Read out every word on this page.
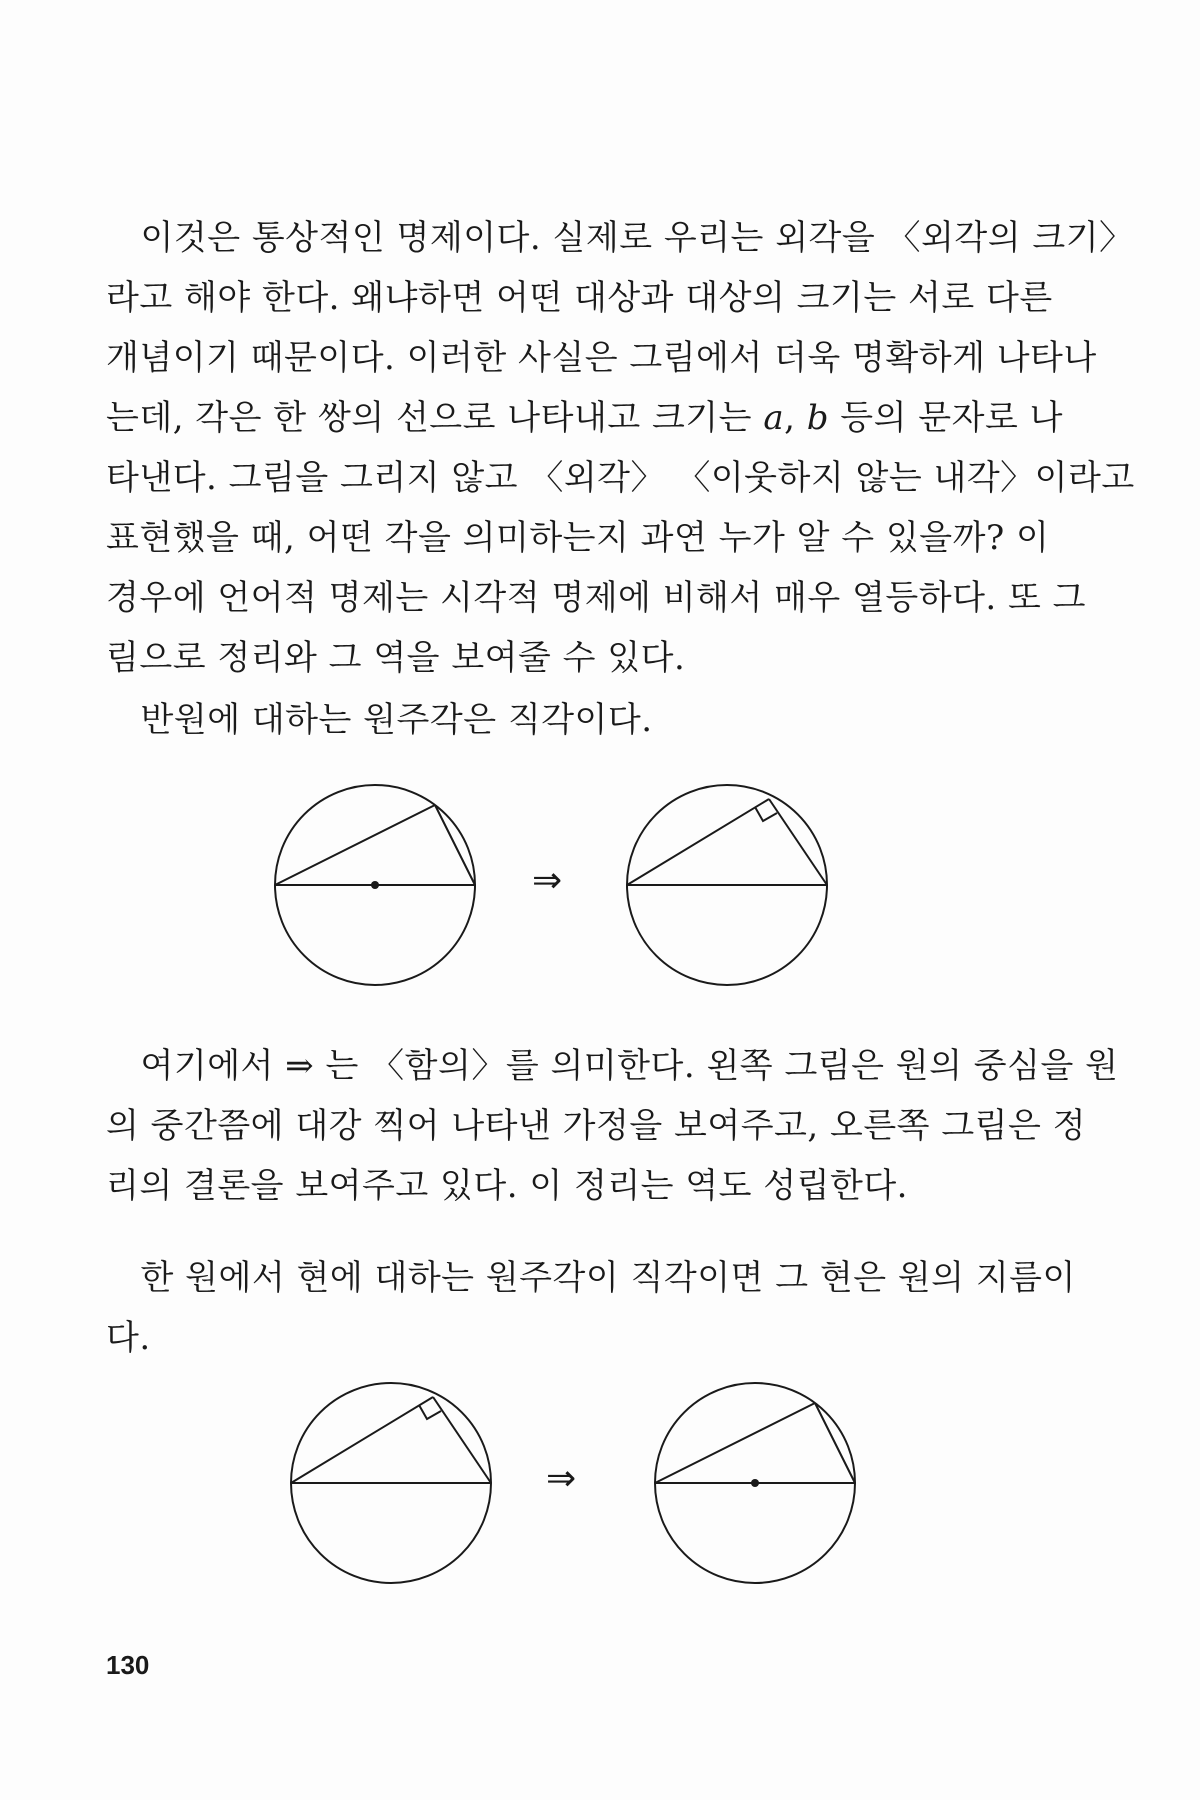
　이것은 통상적인 명제이다. 실제로 우리는 외각을 〈외각의 크기〉
라고 해야 한다. 왜냐하면 어떤 대상과 대상의 크기는 서로 다른
개념이기 때문이다. 이러한 사실은 그림에서 더욱 명확하게 나타나
는데, 각은 한 쌍의 선으로 나타내고 크기는 a, b 등의 문자로 나
타낸다. 그림을 그리지 않고 〈외각〉 〈이웃하지 않는 내각〉이라고
표현했을 때, 어떤 각을 의미하는지 과연 누가 알 수 있을까? 이
경우에 언어적 명제는 시각적 명제에 비해서 매우 열등하다. 또 그
림으로 정리와 그 역을 보여줄 수 있다.
　반원에 대하는 원주각은 직각이다.
⇒
　여기에서 ⇒ 는 〈함의〉를 의미한다. 왼쪽 그림은 원의 중심을 원
의 중간쯤에 대강 찍어 나타낸 가정을 보여주고, 오른쪽 그림은 정
리의 결론을 보여주고 있다. 이 정리는 역도 성립한다.
　한 원에서 현에 대하는 원주각이 직각이면 그 현은 원의 지름이
다.
⇒
130
